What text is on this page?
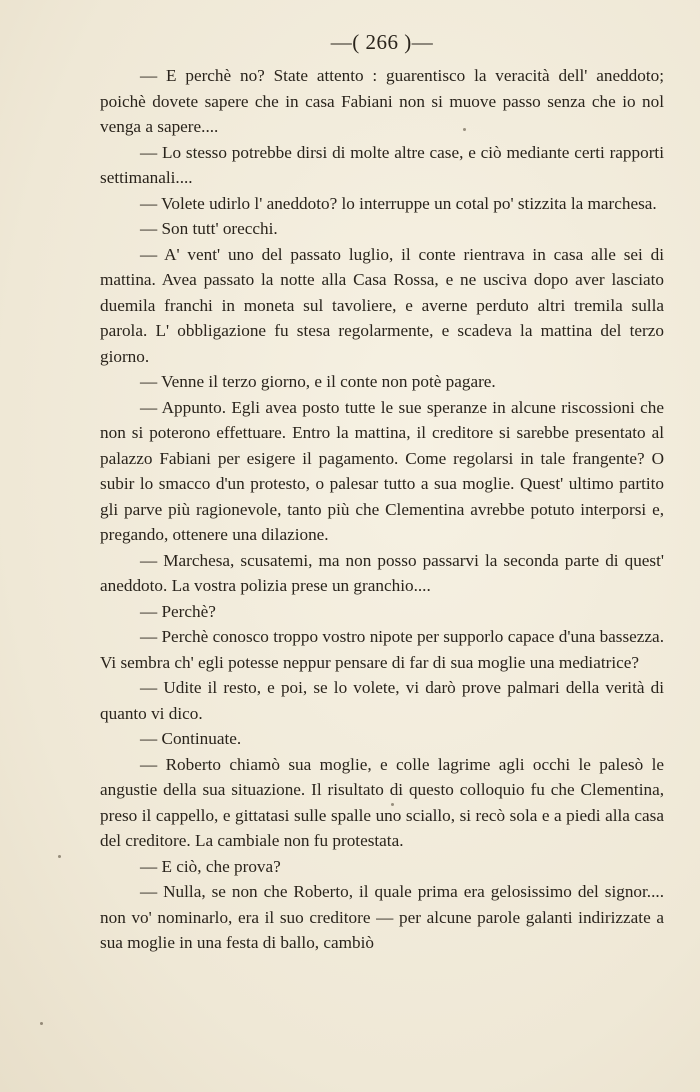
—( 266 )—

— E perchè no? State attento : guarentisco la veracità dell' aneddoto; poichè dovete sapere che in casa Fabiani non si muove passo senza che io nol venga a sapere....

— Lo stesso potrebbe dirsi di molte altre case, e ciò mediante certi rapporti settimanali....

— Volete udirlo l' aneddoto? lo interruppe un cotal po' stizzita la marchesa.

— Son tutt' orecchi.

— A' vent' uno del passato luglio, il conte rientrava in casa alle sei di mattina. Avea passato la notte alla Casa Rossa, e ne usciva dopo aver lasciato duemila franchi in moneta sul tavoliere, e averne perduto altri tremila sulla parola. L' obbligazione fu stesa regolarmente, e scadeva la mattina del terzo giorno.

— Venne il terzo giorno, e il conte non potè pagare.

— Appunto. Egli avea posto tutte le sue speranze in alcune riscossioni che non si poterono effettuare. Entro la mattina, il creditore si sarebbe presentato al palazzo Fabiani per esigere il pagamento. Come regolarsi in tale frangente? O subir lo smacco d'un protesto, o palesar tutto a sua moglie. Quest' ultimo partito gli parve più ragionevole, tanto più che Clementina avrebbe potuto interporsi e, pregando, ottenere una dilazione.

— Marchesa, scusatemi, ma non posso passarvi la seconda parte di quest' aneddoto. La vostra polizia prese un granchio....

— Perchè?

— Perchè conosco troppo vostro nipote per supporlo capace d'una bassezza. Vi sembra ch' egli potesse neppur pensare di far di sua moglie una mediatrice?

— Udite il resto, e poi, se lo volete, vi darò prove palmari della verità di quanto vi dico.

— Continuate.

— Roberto chiamò sua moglie, e colle lagrime agli occhi le palesò le angustie della sua situazione. Il risultato di questo colloquio fu che Clementina, preso il cappello, e gittatasi sulle spalle uno sciallo, si recò sola e a piedi alla casa del creditore. La cambiale non fu protestata.

— E ciò, che prova?

— Nulla, se non che Roberto, il quale prima era gelosissimo del signor.... non vo' nominarlo, era il suo creditore — per alcune parole galanti indirizzate a sua moglie in una festa di ballo, cambiò
